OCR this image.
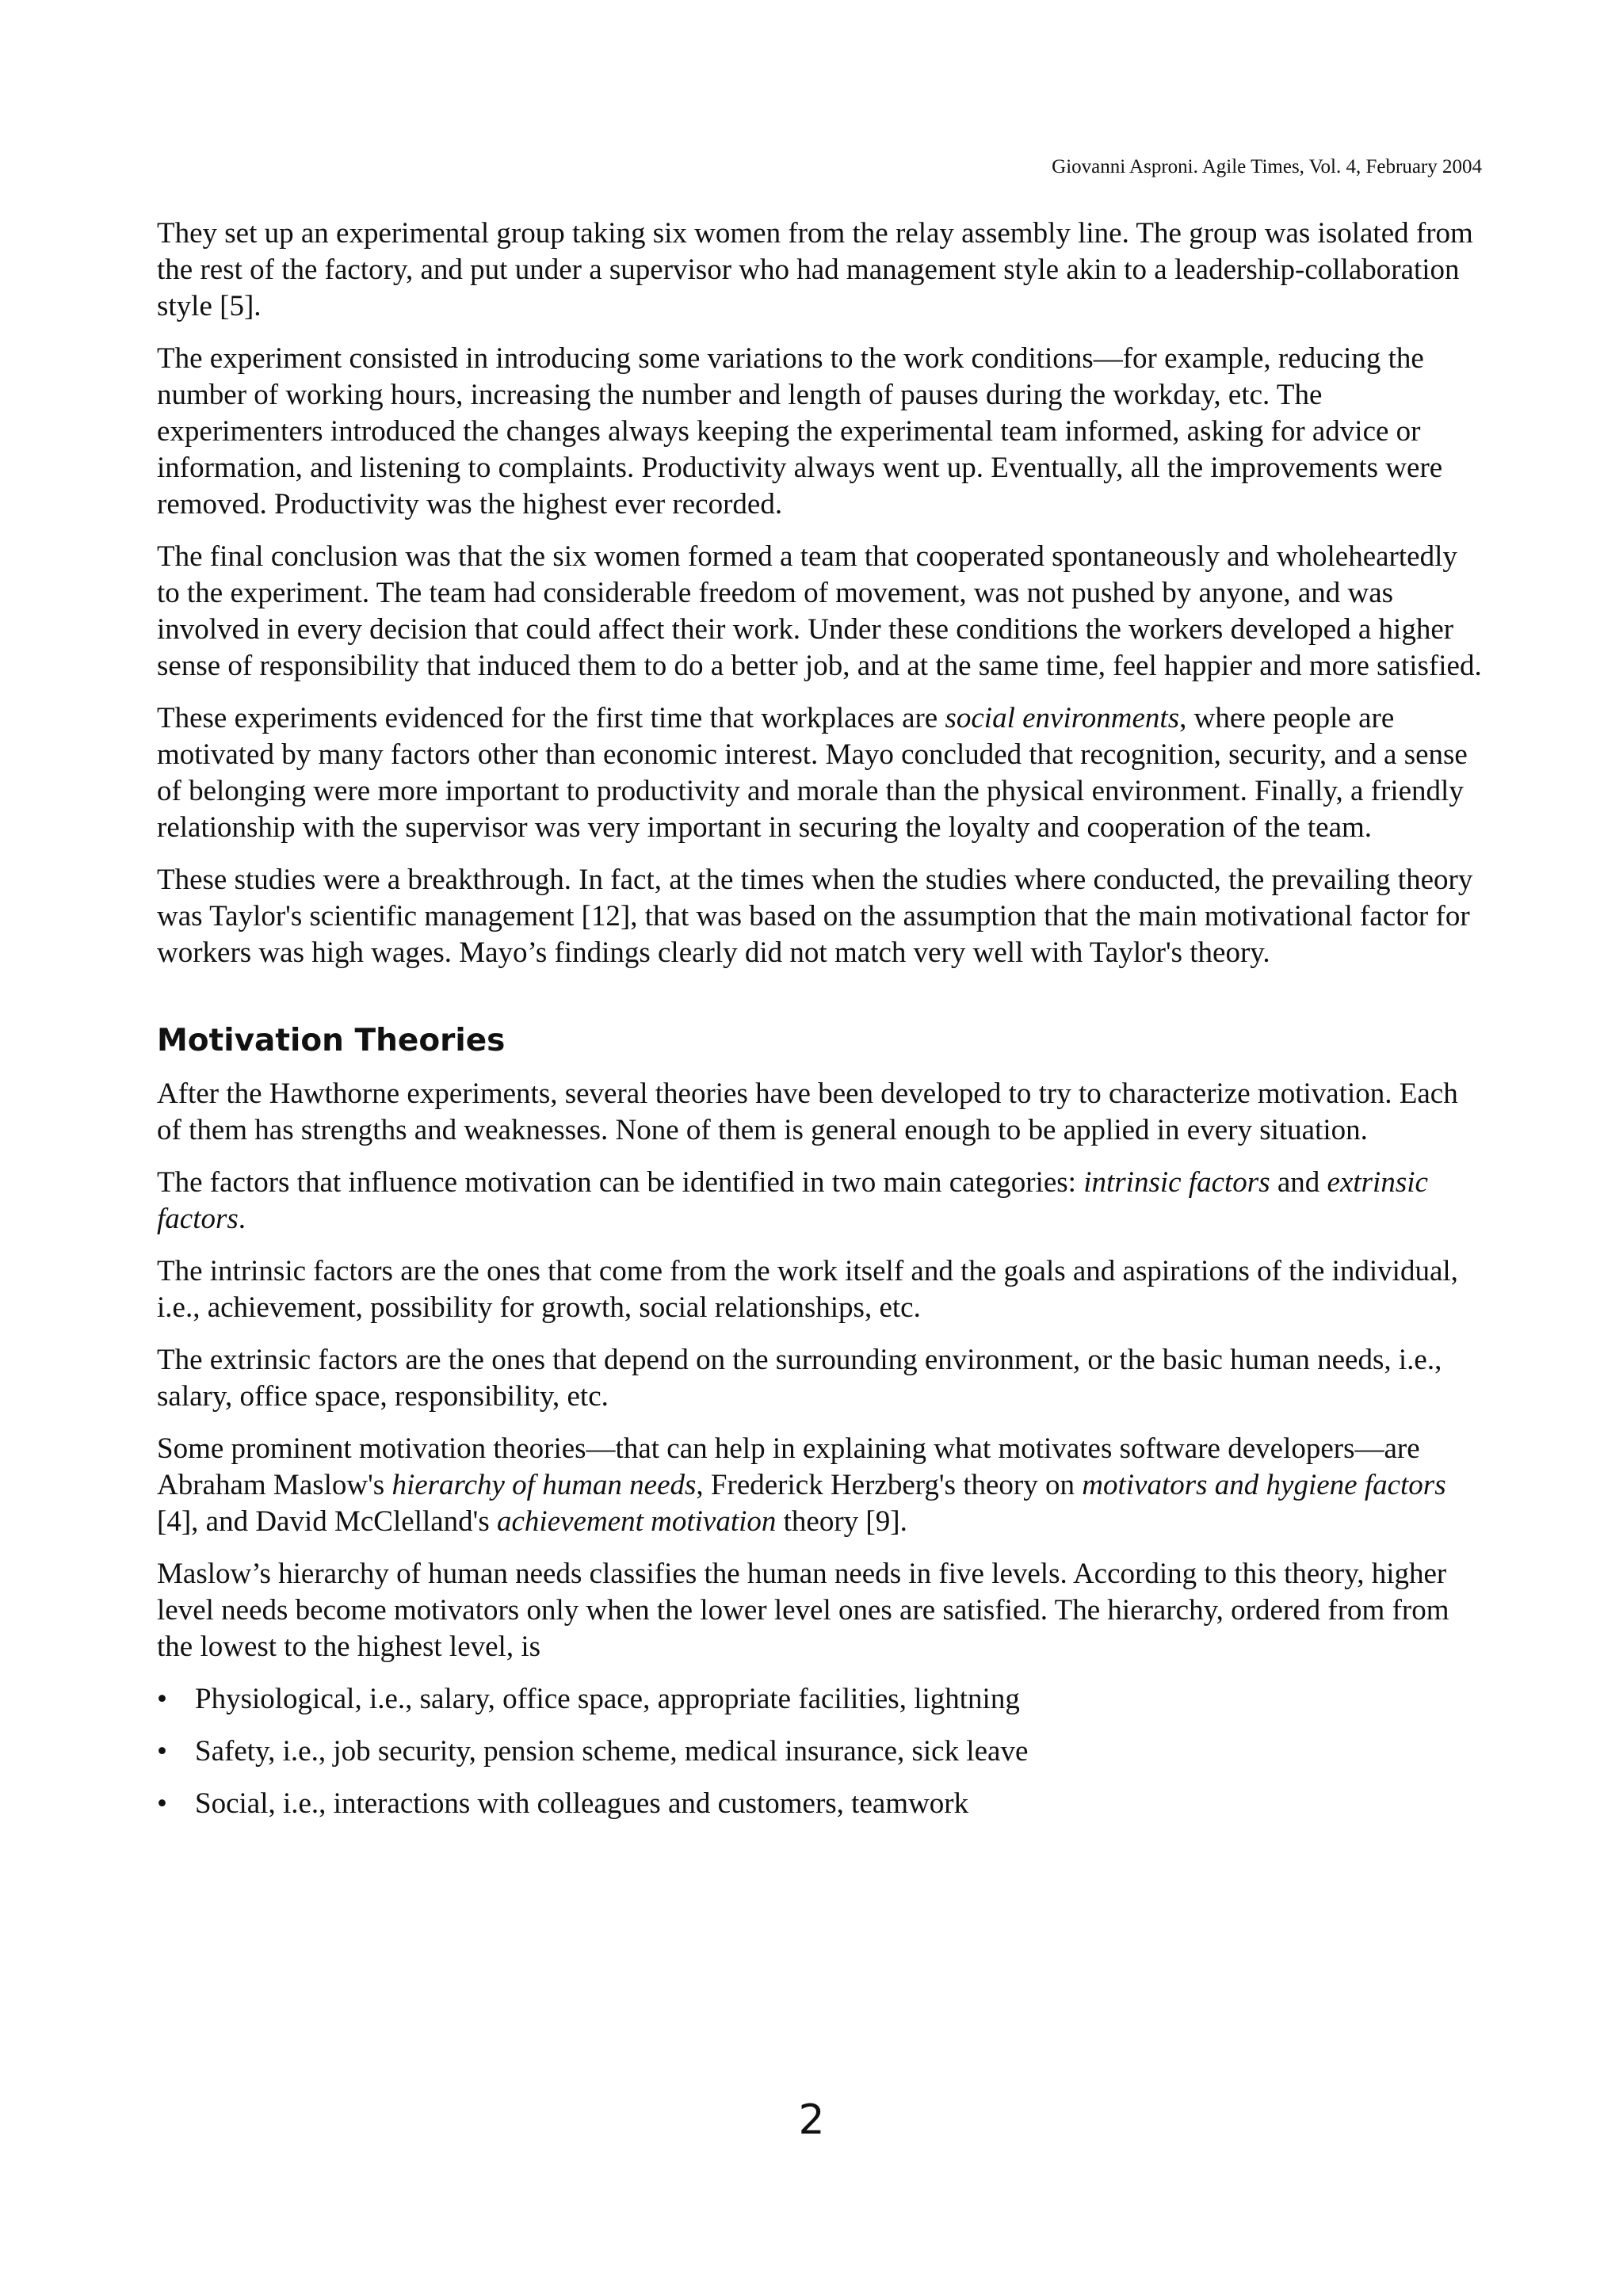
Giovanni Asproni. Agile Times, Vol. 4, February 2004

They set up an experimental group taking six women from the relay assembly line. The group was isolated from the rest of the factory, and put under a supervisor who had management style akin to a leadership-collaboration style [5].

The experiment consisted in introducing some variations to the work conditions—for example, reducing the number of working hours, increasing the number and length of pauses during the workday, etc. The experimenters introduced the changes always keeping the experimental team informed, asking for advice or information, and listening to complaints. Productivity always went up. Eventually, all the improvements were removed. Productivity was the highest ever recorded.

The final conclusion was that the six women formed a team that cooperated spontaneously and wholeheartedly to the experiment. The team had considerable freedom of movement, was not pushed by anyone, and was involved in every decision that could affect their work. Under these conditions the workers developed a higher sense of responsibility that induced them to do a better job, and at the same time, feel happier and more satisfied.

These experiments evidenced for the first time that workplaces are social environments, where people are motivated by many factors other than economic interest. Mayo concluded that recognition, security, and a sense of belonging were more important to productivity and morale than the physical environment. Finally, a friendly relationship with the supervisor was very important in securing the loyalty and cooperation of the team.

These studies were a breakthrough. In fact, at the times when the studies where conducted, the prevailing theory was Taylor's scientific management [12], that was based on the assumption that the main motivational factor for workers was high wages. Mayo’s findings clearly did not match very well with Taylor's theory.

Motivation Theories

After the Hawthorne experiments, several theories have been developed to try to characterize motivation. Each of them has strengths and weaknesses. None of them is general enough to be applied in every situation.

The factors that influence motivation can be identified in two main categories: intrinsic factors and extrinsic factors.

The intrinsic factors are the ones that come from the work itself and the goals and aspirations of the individual, i.e., achievement, possibility for growth, social relationships, etc.

The extrinsic factors are the ones that depend on the surrounding environment, or the basic human needs, i.e., salary, office space, responsibility, etc.

Some prominent motivation theories—that can help in explaining what motivates software developers—are Abraham Maslow's hierarchy of human needs, Frederick Herzberg's theory on motivators and hygiene factors [4], and David McClelland's achievement motivation theory [9].

Maslow’s hierarchy of human needs classifies the human needs in five levels. According to this theory, higher level needs become motivators only when the lower level ones are satisfied. The hierarchy, ordered from from the lowest to the highest level, is

• Physiological, i.e., salary, office space, appropriate facilities, lightning
• Safety, i.e., job security, pension scheme, medical insurance, sick leave
• Social, i.e., interactions with colleagues and customers, teamwork
2
